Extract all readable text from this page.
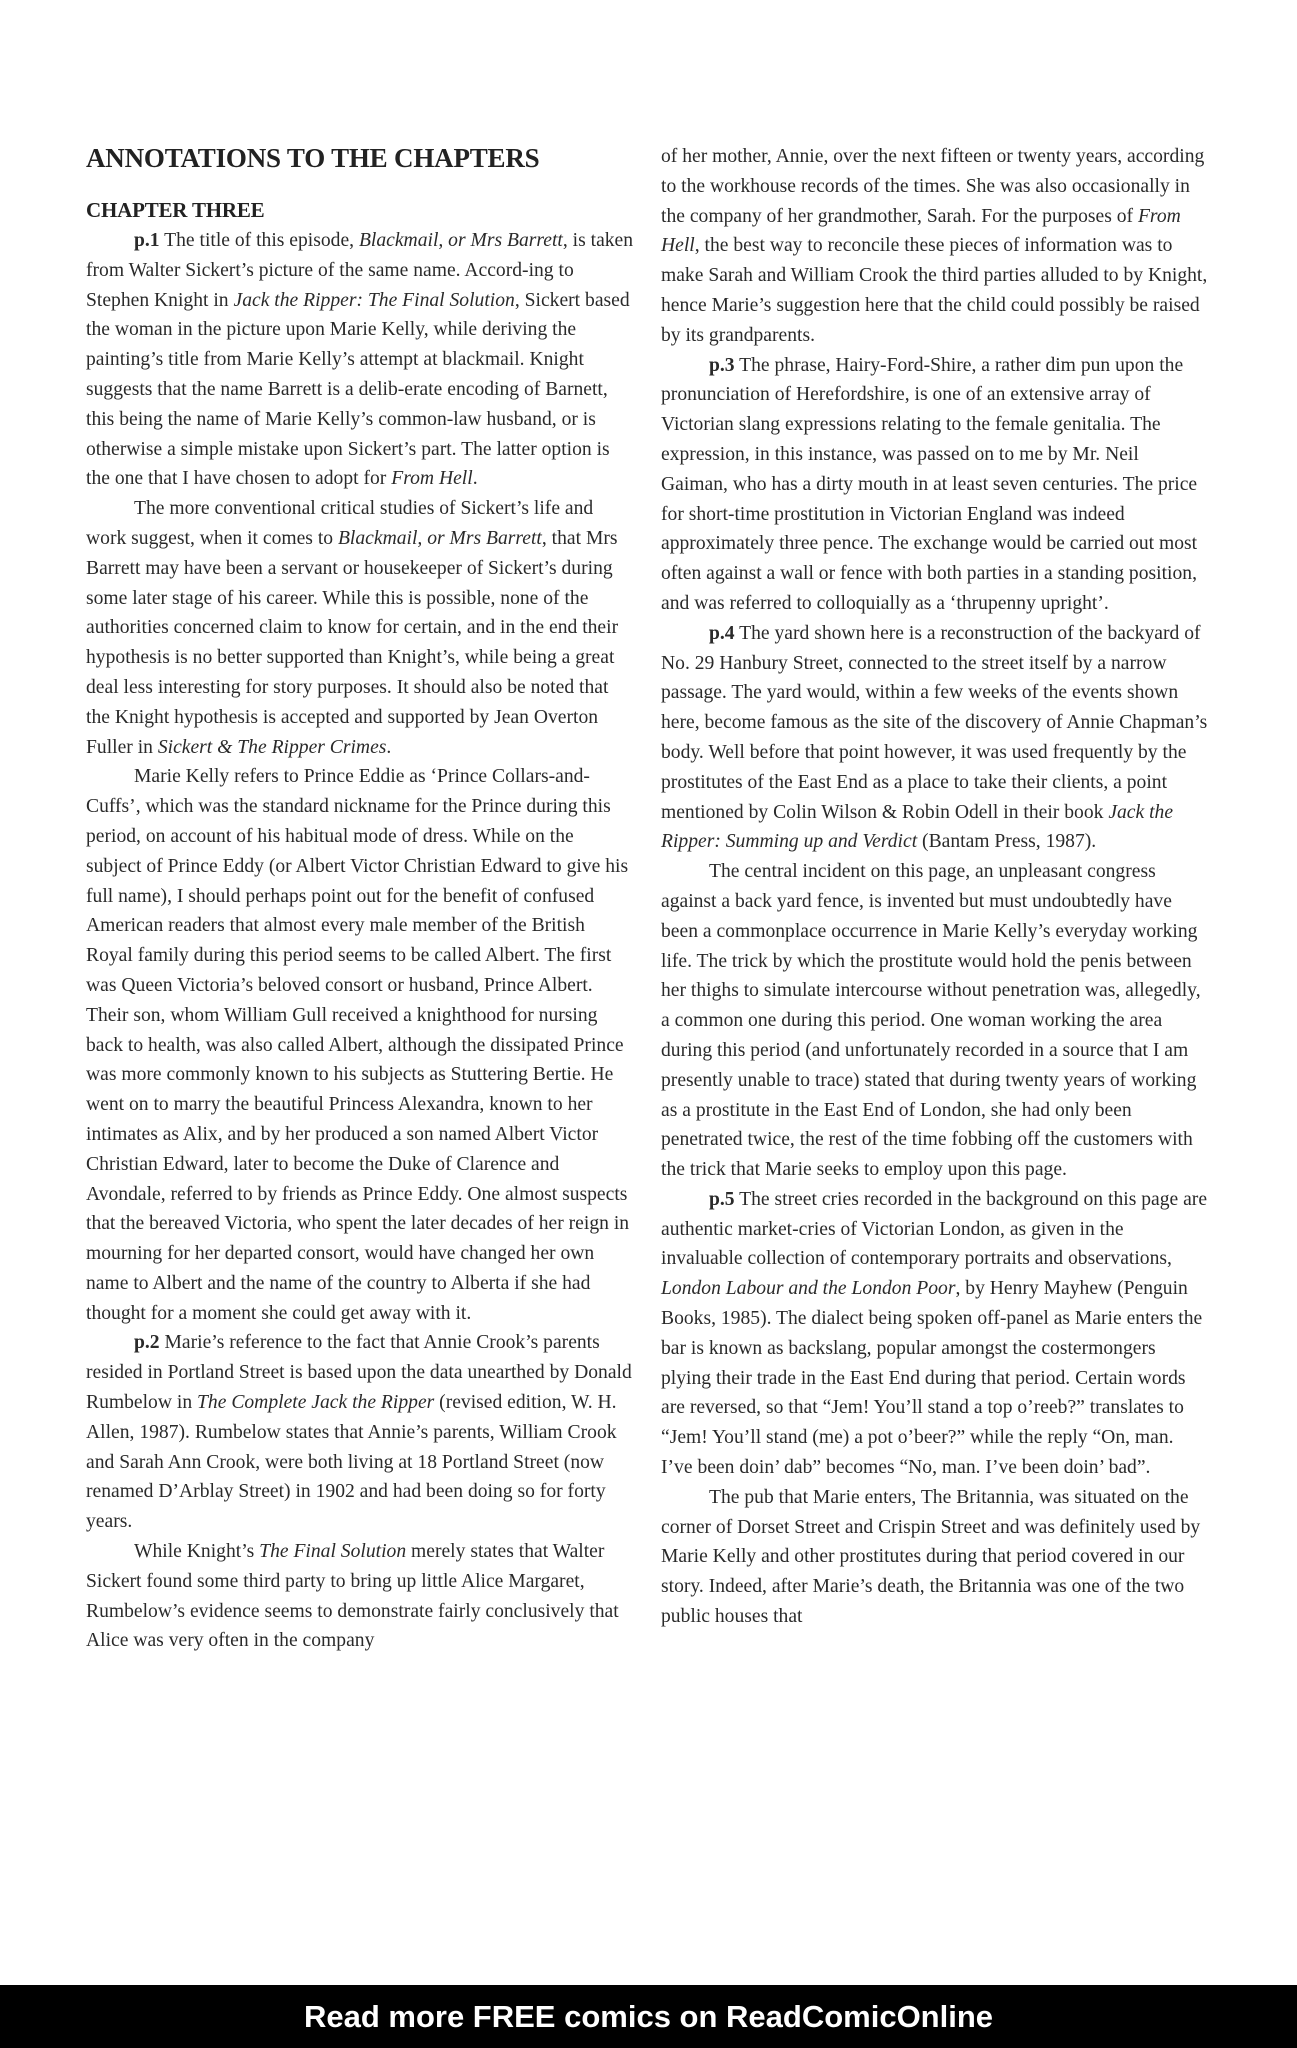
ANNOTATIONS TO THE CHAPTERS
CHAPTER THREE

p.1 The title of this episode, Blackmail, or Mrs Barrett, is taken from Walter Sickert’s picture of the same name. Accord-ing to Stephen Knight in Jack the Ripper: The Final Solution, Sickert based the woman in the picture upon Marie Kelly, while deriving the painting’s title from Marie Kelly’s attempt at blackmail. Knight suggests that the name Barrett is a delib-erate encoding of Barnett, this being the name of Marie Kelly’s common-law husband, or is otherwise a simple mistake upon Sickert’s part. The latter option is the one that I have chosen to adopt for From Hell.

The more conventional critical studies of Sickert’s life and work suggest, when it comes to Blackmail, or Mrs Barrett, that Mrs Barrett may have been a servant or housekeeper of Sickert’s during some later stage of his career. While this is possible, none of the authorities concerned claim to know for certain, and in the end their hypothesis is no better supported than Knight’s, while being a great deal less interesting for story purposes. It should also be noted that the Knight hypothesis is accepted and supported by Jean Overton Fuller in Sickert & The Ripper Crimes.

Marie Kelly refers to Prince Eddie as ‘Prince Collars-and-Cuffs’, which was the standard nickname for the Prince during this period, on account of his habitual mode of dress. While on the subject of Prince Eddy (or Albert Victor Christian Edward to give his full name), I should perhaps point out for the benefit of confused American readers that almost every male member of the British Royal family during this period seems to be called Albert. The first was Queen Victoria’s beloved consort or husband, Prince Albert. Their son, whom William Gull received a knighthood for nursing back to health, was also called Albert, although the dissipated Prince was more commonly known to his subjects as Stuttering Bertie. He went on to marry the beautiful Princess Alexandra, known to her intimates as Alix, and by her produced a son named Albert Victor Christian Edward, later to become the Duke of Clarence and Avondale, referred to by friends as Prince Eddy. One almost suspects that the bereaved Victoria, who spent the later decades of her reign in mourning for her departed consort, would have changed her own name to Albert and the name of the country to Alberta if she had thought for a moment she could get away with it.

p.2 Marie’s reference to the fact that Annie Crook’s parents resided in Portland Street is based upon the data unearthed by Donald Rumbelow in The Complete Jack the Ripper (revised edition, W. H. Allen, 1987). Rumbelow states that Annie’s parents, William Crook and Sarah Ann Crook, were both living at 18 Portland Street (now renamed D’Arblay Street) in 1902 and had been doing so for forty years.

While Knight’s The Final Solution merely states that Walter Sickert found some third party to bring up little Alice Margaret, Rumbelow’s evidence seems to demonstrate fairly conclusively that Alice was very often in the company

of her mother, Annie, over the next fifteen or twenty years, according to the workhouse records of the times. She was also occasionally in the company of her grandmother, Sarah. For the purposes of From Hell, the best way to reconcile these pieces of information was to make Sarah and William Crook the third parties alluded to by Knight, hence Marie’s suggestion here that the child could possibly be raised by its grandparents.

p.3 The phrase, Hairy-Ford-Shire, a rather dim pun upon the pronunciation of Herefordshire, is one of an extensive array of Victorian slang expressions relating to the female genitalia. The expression, in this instance, was passed on to me by Mr. Neil Gaiman, who has a dirty mouth in at least seven centuries. The price for short-time prostitution in Victorian England was indeed approximately three pence. The exchange would be carried out most often against a wall or fence with both parties in a standing position, and was referred to colloquially as a ‘thrupenny upright’.

p.4 The yard shown here is a reconstruction of the backyard of No. 29 Hanbury Street, connected to the street itself by a narrow passage. The yard would, within a few weeks of the events shown here, become famous as the site of the discovery of Annie Chapman’s body. Well before that point however, it was used frequently by the prostitutes of the East End as a place to take their clients, a point mentioned by Colin Wilson & Robin Odell in their book Jack the Ripper: Summing up and Verdict (Bantam Press, 1987).

The central incident on this page, an unpleasant congress against a back yard fence, is invented but must undoubtedly have been a commonplace occurrence in Marie Kelly’s everyday working life. The trick by which the prostitute would hold the penis between her thighs to simulate intercourse without penetration was, allegedly, a common one during this period. One woman working the area during this period (and unfortunately recorded in a source that I am presently unable to trace) stated that during twenty years of working as a prostitute in the East End of London, she had only been penetrated twice, the rest of the time fobbing off the customers with the trick that Marie seeks to employ upon this page.

p.5 The street cries recorded in the background on this page are authentic market-cries of Victorian London, as given in the invaluable collection of contemporary portraits and observations, London Labour and the London Poor, by Henry Mayhew (Penguin Books, 1985). The dialect being spoken off-panel as Marie enters the bar is known as backslang, popular amongst the costermongers plying their trade in the East End during that period. Certain words are reversed, so that “Jem! You’ll stand a top o’reeb?” translates to “Jem! You’ll stand (me) a pot o’beer?” while the reply “On, man. I’ve been doin’ dab” becomes “No, man. I’ve been doin’ bad”.

The pub that Marie enters, The Britannia, was situated on the corner of Dorset Street and Crispin Street and was definitely used by Marie Kelly and other prostitutes during that period covered in our story. Indeed, after Marie’s death, the Britannia was one of the two public houses that

Read more FREE comics on ReadComicOnline
